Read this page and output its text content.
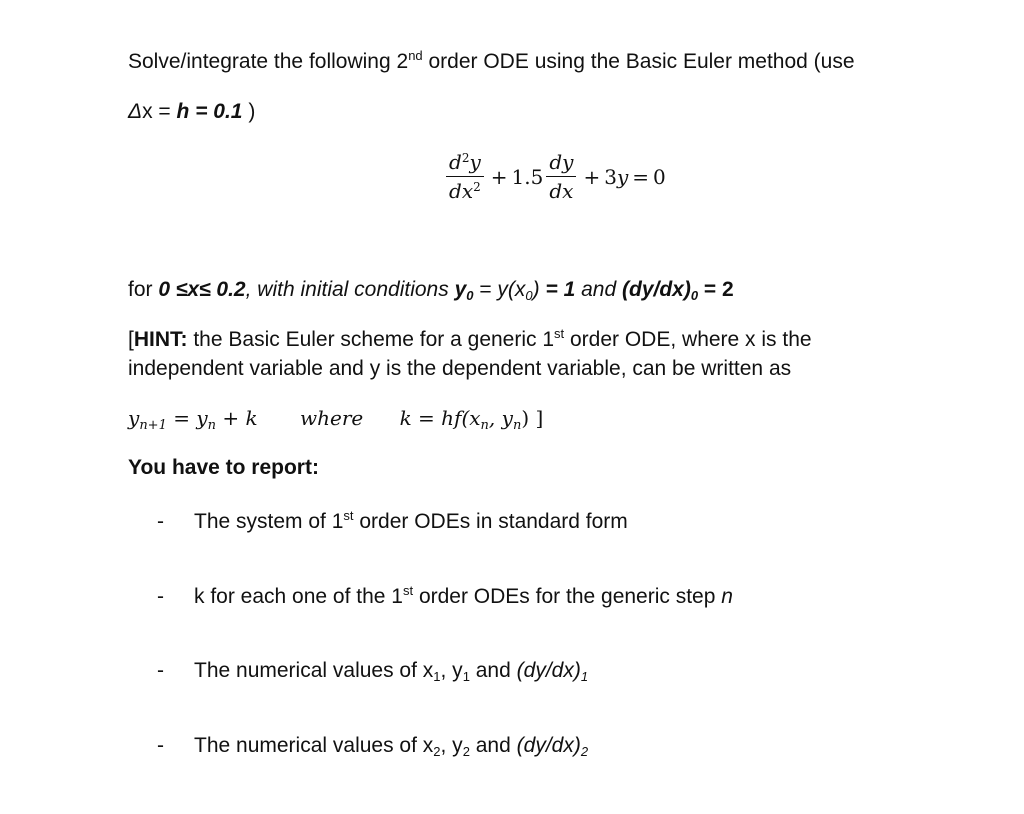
Solve/integrate the following 2nd order ODE using the Basic Euler method (use
Δx = h = 0.1 )
$\frac{d^2y}{dx^2} + 1.5 \frac{dy}{dx} + 3$ y = 0
for 0 ≤x≤ 0.2, with initial conditions $y_0 = y(x_0) = 1$ and $(dy/dx)_0 = 2$
[HINT: the Basic Euler scheme for a generic 1st order ODE, where x is the
independent variable and y is the dependent variable, can be written as
$y_{n+1} = y_n + k$ where $k = hf(x_n$, $y_n$) ]
You have to report:
- The system of 1st order ODEs in standard form
- k for each one of the 1st order ODEs for the generic step n
- The numerical values of $x_1$, $y_1$ and $(dy/dx)_1$
- The numerical values of $x_2$, $y_2$ and $(dy/dx)_2$
